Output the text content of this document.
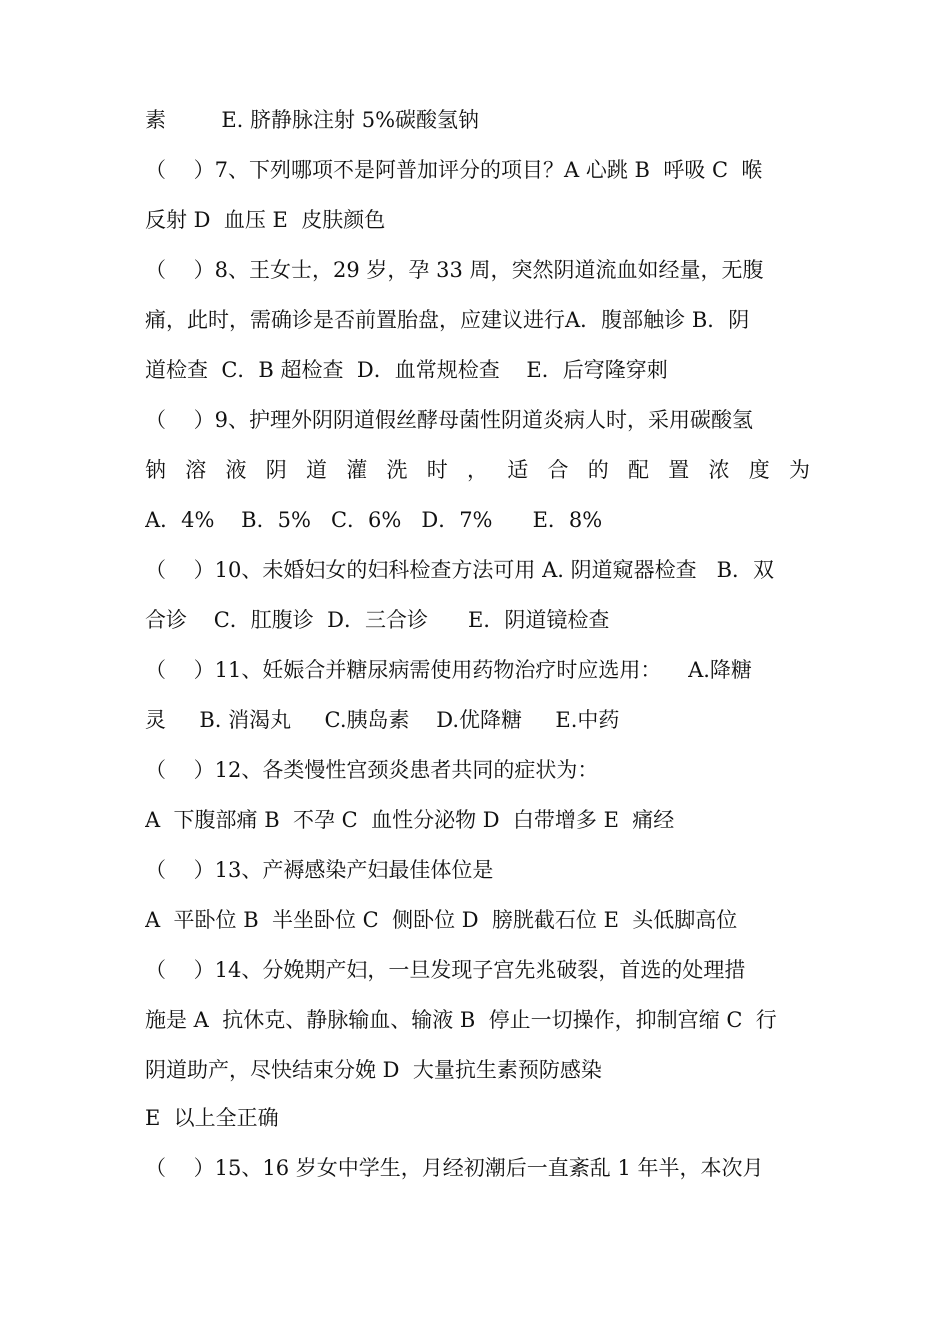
素　　  E. 脐静脉注射 5%碳酸氢钠
（　 ）7、下列哪项不是阿普加评分的项目？A 心跳 B  呼吸 C  喉
反射 D  血压 E  皮肤颜色
（　 ）8、王女士，29 岁，孕 33 周，突然阴道流血如经量，无腹
痛，此时，需确诊是否前置胎盘，应建议进行A．腹部触诊 B．阴
道检查  C．B 超检查  D．血常规检查    E．后穹隆穿刺
（　 ）9、护理外阴阴道假丝酵母菌性阴道炎病人时，采用碳酸氢
钠 溶 液 阴 道 灌 洗 时 ， 适 合 的 配 置 浓 度 为
A．4%    B．5%   C．6%   D．7%      E．8%
（　 ）10、未婚妇女的妇科检查方法可用 A. 阴道窥器检查   B．双
合诊    C．肛腹诊  D．三合诊      E．阴道镜检查
（　 ）11、妊娠合并糖尿病需使用药物治疗时应选用：    A.降糖
灵     B. 消渴丸     C.胰岛素    D.优降糖     E.中药
（　 ）12、各类慢性宫颈炎患者共同的症状为：
A  下腹部痛 B  不孕 C  血性分泌物 D  白带增多 E  痛经
（　 ）13、产褥感染产妇最佳体位是
A  平卧位 B  半坐卧位 C  侧卧位 D  膀胱截石位 E  头低脚高位
（　 ）14、分娩期产妇，一旦发现子宫先兆破裂，首选的处理措
施是 A  抗休克、静脉输血、输液 B  停止一切操作，抑制宫缩 C  行
阴道助产，尽快结束分娩 D  大量抗生素预防感染
E  以上全正确
（　 ）15、16 岁女中学生，月经初潮后一直紊乱 1 年半，本次月
